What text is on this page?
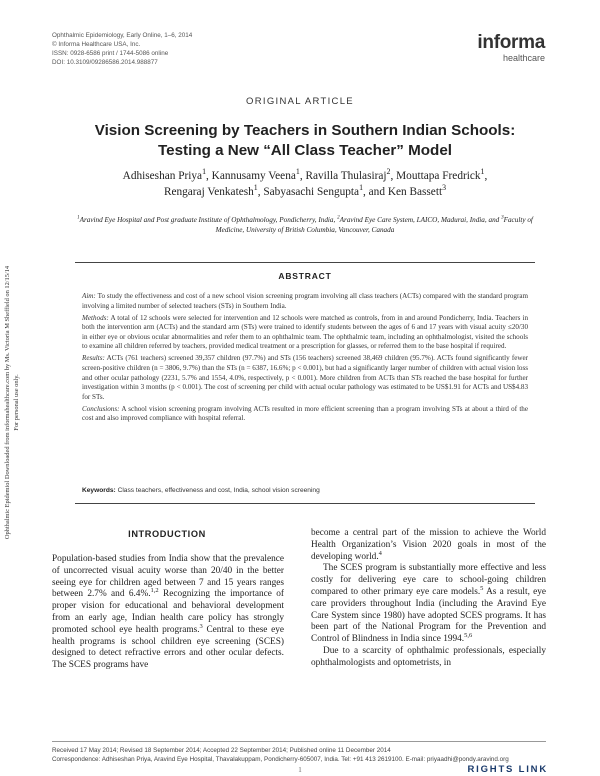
Ophthalmic Epidemiology, Early Online, 1–6, 2014
© Informa Healthcare USA, Inc.
ISSN: 0928-6586 print / 1744-5086 online
DOI: 10.3109/09286586.2014.988877
informa
healthcare
Ophthalmic Epidemiol Downloaded from informahealthcare.com by Ms. Victoria M Sheffield on 12/15/14 For personal use only.
ORIGINAL ARTICLE
Vision Screening by Teachers in Southern Indian Schools: Testing a New “All Class Teacher” Model
Adhiseshan Priya$^1$, Kannusamy Veena$^1$, Ravilla Thulasiraj$^2$, Mouttapa Fredrick$^1$,
Rengaraj Venkatesh$^1$, Sabyasachi Sengupta$^1$, and Ken Bassett$^3$
$^1$Aravind Eye Hospital and Post graduate Institute of Ophthalmology, Pondicherry, India, $^2$Aravind Eye Care System, LAICO, Madurai, India, and $^3$Faculty of Medicine, University of British Columbia, Vancouver, Canada
ABSTRACT

Aim: To study the effectiveness and cost of a new school vision screening program involving all class teachers (ACTs) compared with the standard program involving a limited number of selected teachers (STs) in Southern India.

Methods: A total of 12 schools were selected for intervention and 12 schools were matched as controls, from in and around Pondicherry, India. Teachers in both the intervention arm (ACTs) and the standard arm (STs) were trained to identify students between the ages of 6 and 17 years with visual acuity ≤20/30 in either eye or obvious ocular abnormalities and refer them to an ophthalmic team. The ophthalmic team, including an ophthalmologist, visited the schools to examine all children referred by teachers, provided medical treatment or a prescription for glasses, or referred them to the base hospital if required.

Results: ACTs (761 teachers) screened 39,357 children (97.7%) and STs (156 teachers) screened 38,469 children (95.7%). ACTs found significantly fewer screen-positive children (n = 3806, 9.7%) than the STs (n = 6387, 16.6%; p < 0.001), but had a significantly larger number of children with actual vision loss and other ocular pathology (2231, 5.7% and 1554, 4.0%, respectively, p < 0.001). More children from ACTs than STs reached the base hospital for further investigation within 3 months (p < 0.001). The cost of screening per child with actual ocular pathology was estimated to be US$1.91 for ACTs and US$4.83 for STs.

Conclusions: A school vision screening program involving ACTs resulted in more efficient screening than a program involving STs at about a third of the cost and also improved compliance with hospital referral.

Keywords: Class teachers, effectiveness and cost, India, school vision screening
INTRODUCTION

Population-based studies from India show that the prevalence of uncorrected visual acuity worse than 20/40 in the better seeing eye for children aged between 7 and 15 years ranges between 2.7% and 6.4%.$^{1,2}$ Recognizing the importance of proper vision for educational and behavioral development from an early age, Indian health care policy has strongly promoted school eye health programs.$^3$ Central to these eye health programs is school children eye screening (SCES) designed to detect refractive errors and other ocular defects. The SCES programs have

become a central part of the mission to achieve the World Health Organization’s Vision 2020 goals in most of the developing world.$^4$

The SCES program is substantially more effective and less costly for delivering eye care to school-going children compared to other primary eye care models.$^5$ As a result, eye care providers throughout India (including the Aravind Eye Care System since 1980) have adopted SCES programs. It has been part of the National Program for the Prevention and Control of Blindness in India since 1994.$^{5,6}$

Due to a scarcity of ophthalmic professionals, especially ophthalmologists and optometrists, in

Received 17 May 2014; Revised 18 September 2014; Accepted 22 September 2014; Published online 11 December 2014
Correspondence: Adhiseshan Priya, Aravind Eye Hospital, Thavalakuppam, Pondicherry-605007, India. Tel: +91 413 2619100. E-mail: priyaadhi@pondy.aravind.org
1	RIGHTS LINK
